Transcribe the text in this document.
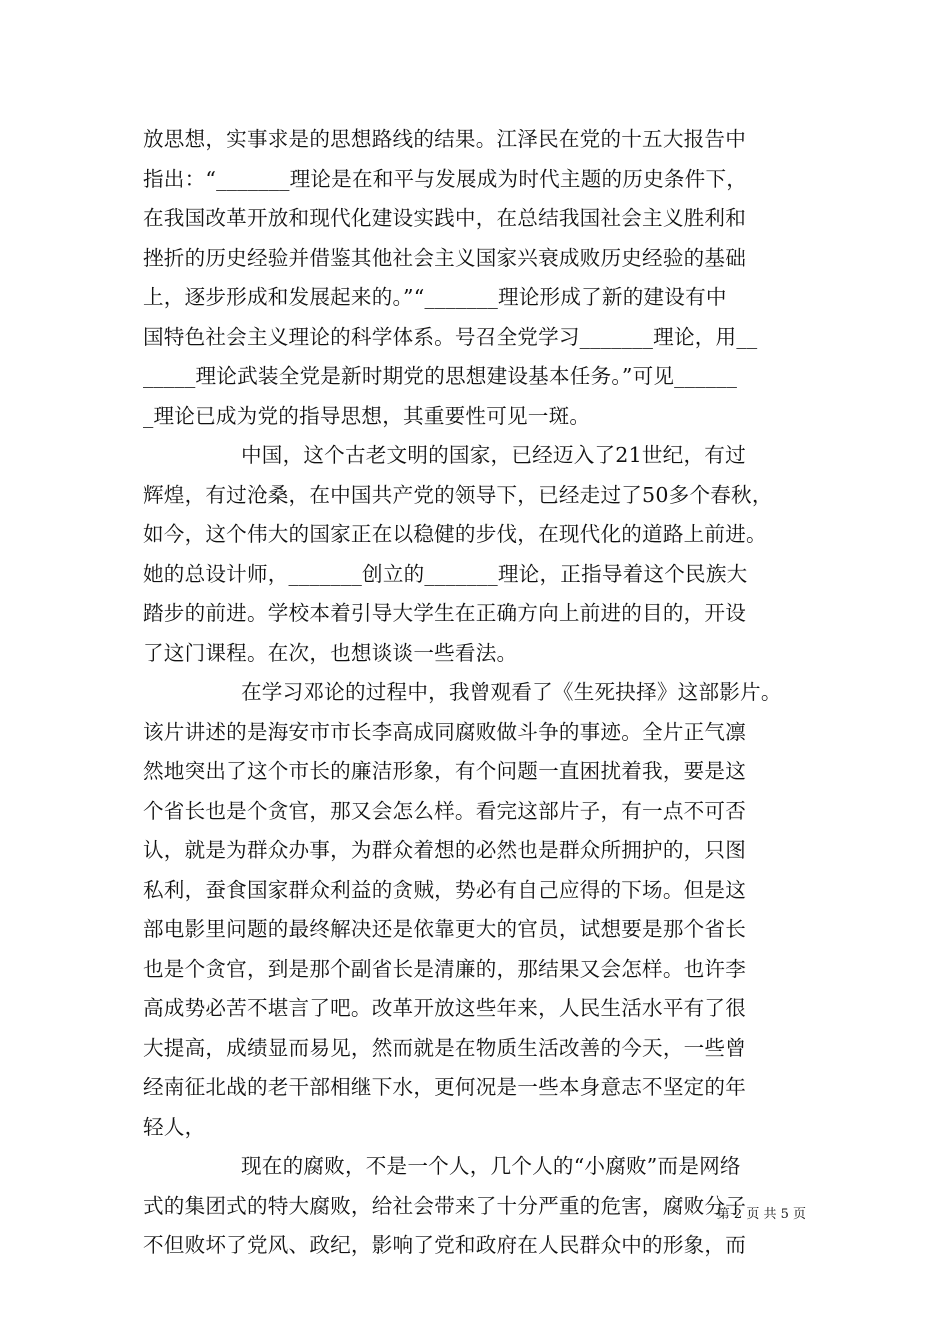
放思想，实事求是的思想路线的结果。江泽民在党的十五大报告中
指出：“_______理论是在和平与发展成为时代主题的历史条件下，
在我国改革开放和现代化建设实践中，在总结我国社会主义胜利和
挫折的历史经验并借鉴其他社会主义国家兴衰成败历史经验的基础
上，逐步形成和发展起来的。”“_______理论形成了新的建设有中
国特色社会主义理论的科学体系。号召全党学习_______理论，用__
_____理论武装全党是新时期党的思想建设基本任务。”可见______
_理论已成为党的指导思想，其重要性可见一斑。
中国，这个古老文明的国家，已经迈入了21世纪，有过
辉煌，有过沧桑，在中国共产党的领导下，已经走过了50多个春秋，
如今，这个伟大的国家正在以稳健的步伐，在现代化的道路上前进。
她的总设计师，_______创立的_______理论，正指导着这个民族大
踏步的前进。学校本着引导大学生在正确方向上前进的目的，开设
了这门课程。在次，也想谈谈一些看法。
在学习邓论的过程中，我曾观看了《生死抉择》这部影片。
该片讲述的是海安市市长李高成同腐败做斗争的事迹。全片正气凛
然地突出了这个市长的廉洁形象，有个问题一直困扰着我，要是这
个省长也是个贪官，那又会怎么样。看完这部片子，有一点不可否
认，就是为群众办事，为群众着想的必然也是群众所拥护的，只图
私利，蚕食国家群众利益的贪贼，势必有自己应得的下场。但是这
部电影里问题的最终解决还是依靠更大的官员，试想要是那个省长
也是个贪官，到是那个副省长是清廉的，那结果又会怎样。也许李
高成势必苦不堪言了吧。改革开放这些年来，人民生活水平有了很
大提高，成绩显而易见，然而就是在物质生活改善的今天，一些曾
经南征北战的老干部相继下水，更何况是一些本身意志不坚定的年
轻人，
现在的腐败，不是一个人，几个人的“小腐败”而是网络
式的集团式的特大腐败，给社会带来了十分严重的危害，腐败分子
不但败坏了党风、政纪，影响了党和政府在人民群众中的形象，而
第 2 页 共 5 页
